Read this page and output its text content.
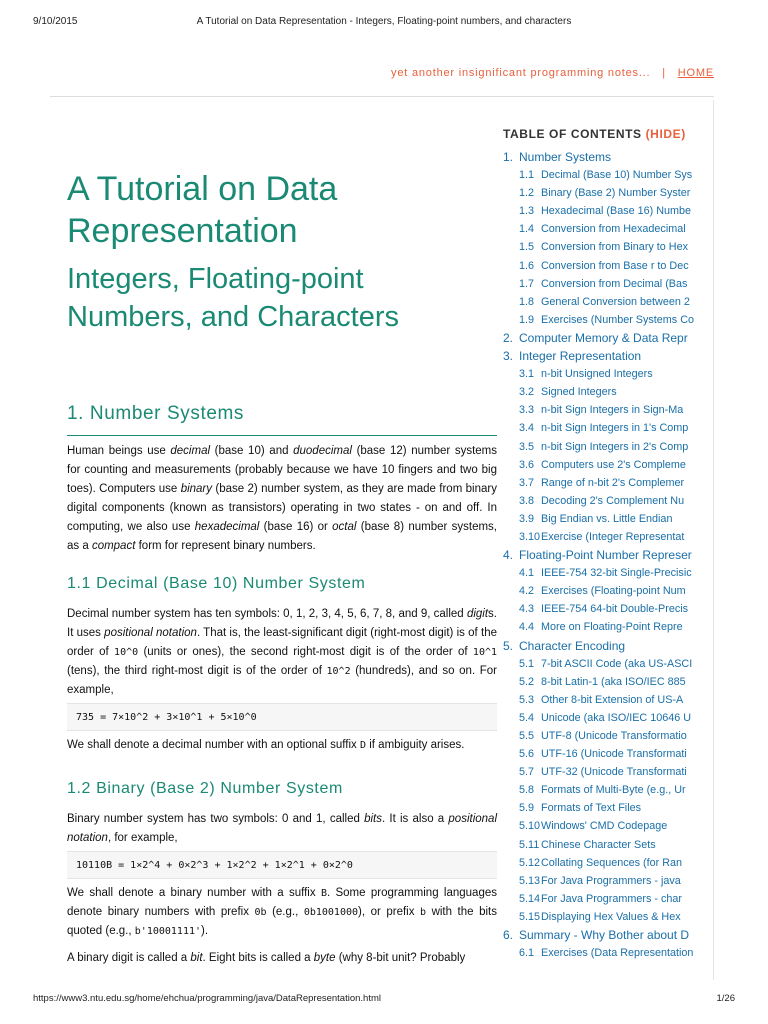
9/10/2015	A Tutorial on Data Representation - Integers, Floating-point numbers, and characters
yet another insignificant programming notes... | HOME
A Tutorial on Data Representation
Integers, Floating-point Numbers, and Characters
1. Number Systems

Human beings use decimal (base 10) and duodecimal (base 12) number systems for counting and measurements (probably because we have 10 fingers and two big toes). Computers use binary (base 2) number system, as they are made from binary digital components (known as transistors) operating in two states - on and off. In computing, we also use hexadecimal (base 16) or octal (base 8) number systems, as a compact form for represent binary numbers.

1.1 Decimal (Base 10) Number System

Decimal number system has ten symbols: 0, 1, 2, 3, 4, 5, 6, 7, 8, and 9, called digits. It uses positional notation. That is, the least-significant digit (right-most digit) is of the order of 10^0 (units or ones), the second right-most digit is of the order of 10^1 (tens), the third right-most digit is of the order of 10^2 (hundreds), and so on. For example,

735 = 7×10^2 + 3×10^1 + 5×10^0

We shall denote a decimal number with an optional suffix D if ambiguity arises.

1.2 Binary (Base 2) Number System

Binary number system has two symbols: 0 and 1, called bits. It is also a positional notation, for example,

10110B = 1×2^4 + 0×2^3 + 1×2^2 + 1×2^1 + 0×2^0

We shall denote a binary number with a suffix B. Some programming languages denote binary numbers with prefix 0b (e.g., 0b1001000), or prefix b with the bits quoted (e.g., b'10001111').

A binary digit is called a bit. Eight bits is called a byte (why 8-bit unit? Probably

TABLE OF CONTENTS (HIDE)
1. Number Systems
1.1 Decimal (Base 10) Number Sys
1.2 Binary (Base 2) Number Syster
1.3 Hexadecimal (Base 16) Numbe
1.4 Conversion from Hexadecimal
1.5 Conversion from Binary to Hex
1.6 Conversion from Base r to Dec
1.7 Conversion from Decimal (Bas
1.8 General Conversion between 2
1.9 Exercises (Number Systems Co
2. Computer Memory & Data Repr
3. Integer Representation
3.1 n-bit Unsigned Integers
3.2 Signed Integers
3.3 n-bit Sign Integers in Sign-Ma
3.4 n-bit Sign Integers in 1's Comp
3.5 n-bit Sign Integers in 2's Comp
3.6 Computers use 2's Compleme
3.7 Range of n-bit 2's Complemer
3.8 Decoding 2's Complement Nu
3.9 Big Endian vs. Little Endian
3.10Exercise (Integer Representat
4. Floating-Point Number Represer
4.1 IEEE-754 32-bit Single-Precisic
4.2 Exercises (Floating-point Num
4.3 IEEE-754 64-bit Double-Precis
4.4 More on Floating-Point Repre
5. Character Encoding
5.1 7-bit ASCII Code (aka US-ASCI
5.2 8-bit Latin-1 (aka ISO/IEC 885
5.3 Other 8-bit Extension of US-A
5.4 Unicode (aka ISO/IEC 10646 U
5.5 UTF-8 (Unicode Transformatio
5.6 UTF-16 (Unicode Transformati
5.7 UTF-32 (Unicode Transformati
5.8 Formats of Multi-Byte (e.g., Ur
5.9 Formats of Text Files
5.10Windows' CMD Codepage
5.11 Chinese Character Sets
5.12Collating Sequences (for Ran
5.13For Java Programmers - java
5.14For Java Programmers - char
5.15Displaying Hex Values & Hex
6. Summary - Why Bother about D
6.1 Exercises (Data Representation
https://www3.ntu.edu.sg/home/ehchua/programming/java/DataRepresentation.html	1/26
